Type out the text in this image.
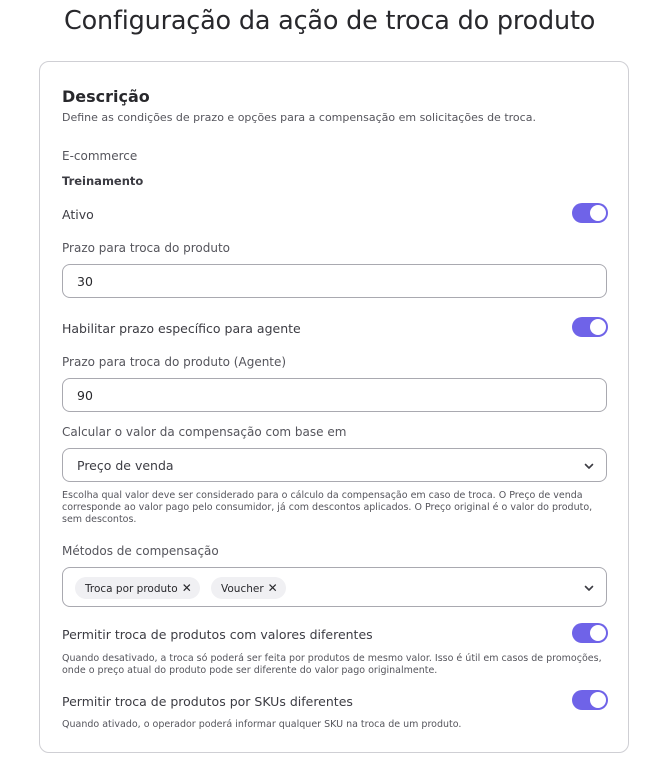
Configuração da ação de troca do produto
Descrição

Define as condições de prazo e opções para a compensação em solicitações de troca.

E-commerce
Treinamento
Ativo
Prazo para troca do produto
30
Habilitar prazo específico para agente
Prazo para troca do produto (Agente)
90
Calcular o valor da compensação com base em
Preço de venda

Escolha qual valor deve ser considerado para o cálculo da compensação em caso de troca. O Preço de venda corresponde ao valor pago pelo consumidor, já com descontos aplicados. O Preço original é o valor do produto, sem descontos.

Métodos de compensação
Troca por produto ✕	Voucher ✕
Permitir troca de produtos com valores diferentes

Quando desativado, a troca só poderá ser feita por produtos de mesmo valor. Isso é útil em casos de promoções, onde o preço atual do produto pode ser diferente do valor pago originalmente.

Permitir troca de produtos por SKUs diferentes

Quando ativado, o operador poderá informar qualquer SKU na troca de um produto.
